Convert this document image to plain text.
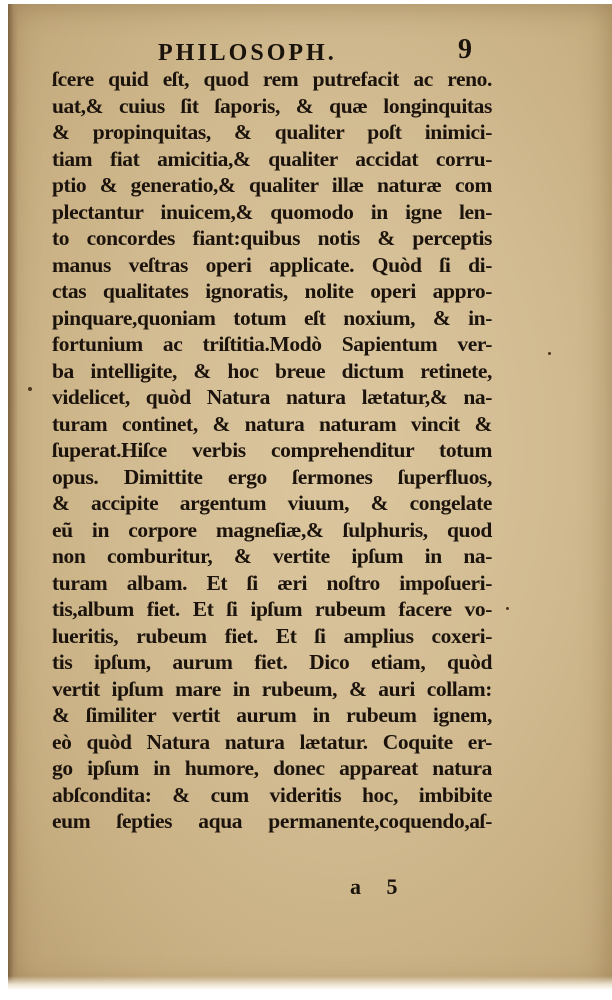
PHILOSOPH.	9
ſcere quid eſt, quod rem putrefacit ac reno.
uat,& cuius ſit ſaporis, & quæ longinquitas
& propinquitas, & qualiter poſt inimici-
tiam fiat amicitia,& qualiter accidat corru-
ptio & generatio,& qualiter illæ naturæ com
plectantur inuicem,& quomodo in igne len-
to concordes fiant:quibus notis & perceptis
manus veſtras operi applicate. Quòd ſi di-
ctas qualitates ignoratis, nolite operi appro-
pinquare,quoniam totum eſt noxium, & in-
fortunium ac triſtitia.Modò Sapientum ver-
ba intelligite, & hoc breue dictum retinete,
videlicet, quòd Natura natura lætatur,& na-
turam continet, & natura naturam vincit &
ſuperat.Hiſce verbis comprehenditur totum
opus. Dimittite ergo ſermones ſuperfluos,
& accipite argentum viuum, & congelate
eũ in corpore magneſiæ,& ſulphuris, quod
non comburitur, & vertite ipſum in na-
turam albam. Et ſi æri noſtro impoſueri-
tis,album fiet. Et ſi ipſum rubeum facere vo-
lueritis, rubeum fiet. Et ſi amplius coxeri-
tis ipſum, aurum fiet. Dico etiam, quòd
vertit ipſum mare in rubeum, & auri collam:
& ſimiliter vertit aurum in rubeum ignem,
eò quòd Natura natura lætatur. Coquite er-
go ipſum in humore, donec appareat natura
abſcondita: & cum videritis hoc, imbibite
eum ſepties aqua permanente,coquendo,aſ-
a 5
